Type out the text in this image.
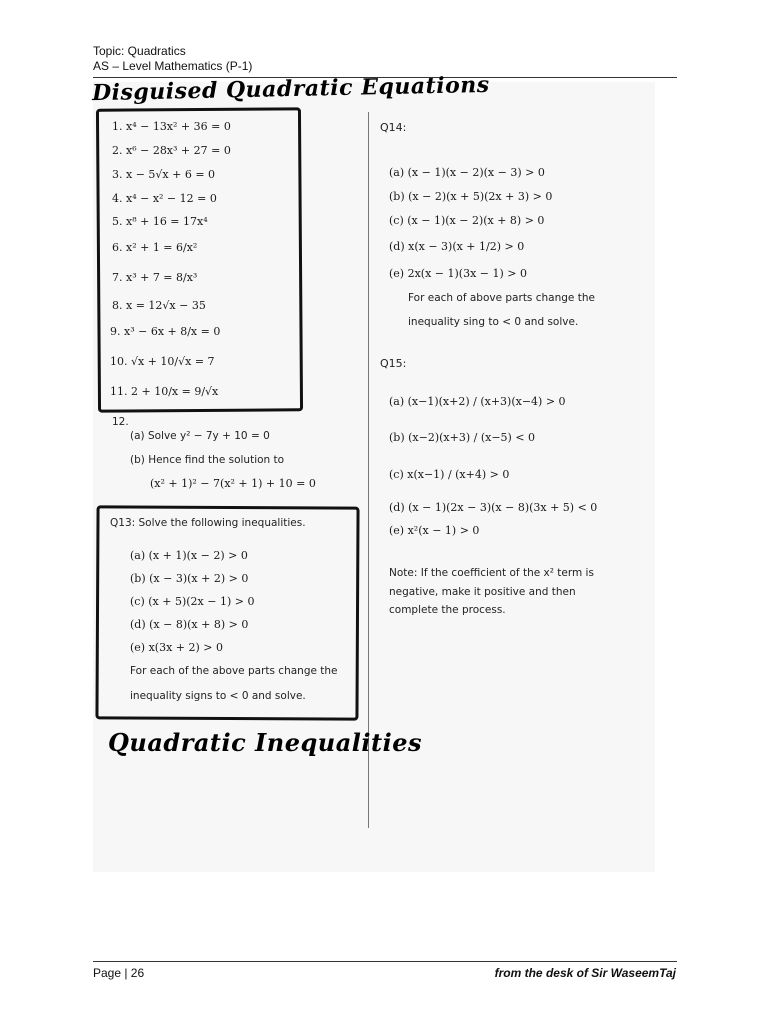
Topic: Quadratics
AS – Level Mathematics (P-1)
Disguised Quadratic Equations
1. x⁴ − 13x² + 36 = 0
2. x⁶ − 28x³ + 27 = 0
3. x − 5√x + 6 = 0
4. x⁴ − x² − 12 = 0
5. x⁸ + 16 = 17x⁴
6. x² + 1 = 6/x²
7. x³ + 7 = 8/x³
8. x = 12√x − 35
9. x³ − 6x + 8/x = 0
10. √x + 10/√x = 7
11. 2 + 10/x = 9/√x
12.
(a) Solve y² − 7y + 10 = 0
(b) Hence find the solution to
(x² + 1)² − 7(x² + 1) + 10 = 0
Q13: Solve the following inequalities.
(a) (x + 1)(x − 2) > 0
(b) (x − 3)(x + 2) > 0
(c) (x + 5)(2x − 1) > 0
(d) (x − 8)(x + 8) > 0
(e) x(3x + 2) > 0
For each of the above parts change the
inequality signs to < 0 and solve.
Quadratic Inequalities
Q14:
(a) (x − 1)(x − 2)(x − 3) > 0
(b) (x − 2)(x + 5)(2x + 3) > 0
(c) (x − 1)(x − 2)(x + 8) > 0
(d) x(x − 3)(x + 1/2) > 0
(e) 2x(x − 1)(3x − 1) > 0
For each of above parts change the
inequality sing to < 0 and solve.
Q15:
(a) (x−1)(x+2) / (x+3)(x−4) > 0
(b) (x−2)(x+3) / (x−5) < 0
(c) x(x−1) / (x+4) > 0
(d) (x − 1)(2x − 3)(x − 8)(3x + 5) < 0
(e) x²(x − 1) > 0
Note: If the coefficient of the x² term is
negative, make it positive and then
complete the process.
Page | 26	from the desk of Sir WaseemTaj
